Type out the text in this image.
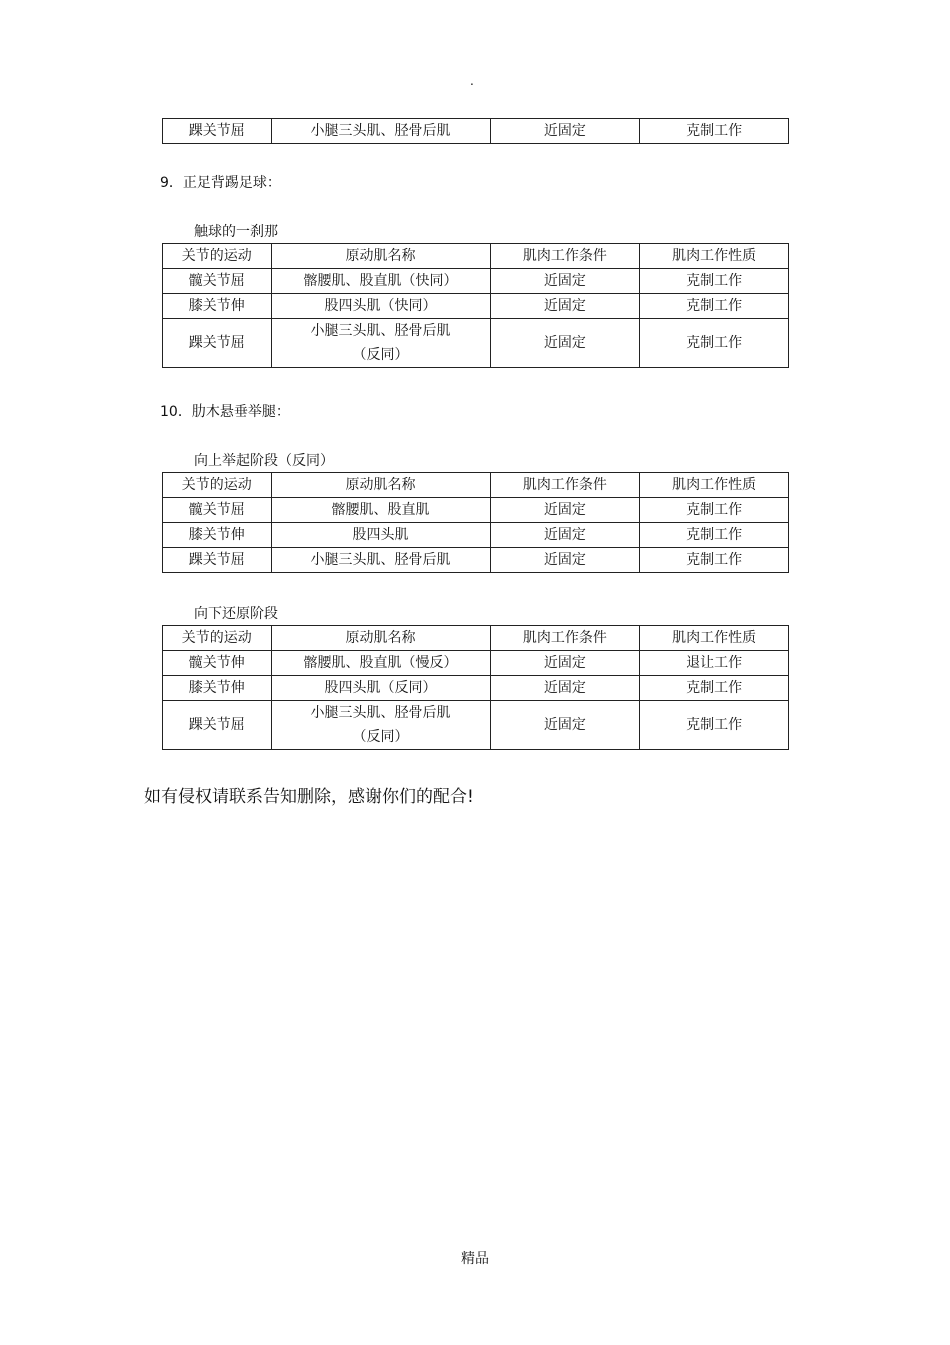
.
踝关节屈	小腿三头肌、胫骨后肌	近固定	克制工作
9．正足背踢足球：
触球的一刹那
关节的运动	原动肌名称	肌肉工作条件	肌肉工作性质
髋关节屈	髂腰肌、股直肌（快同）	近固定	克制工作
膝关节伸	股四头肌（快同）	近固定	克制工作
踝关节屈	小腿三头肌、胫骨后肌（反同）	近固定	克制工作
10．肋木悬垂举腿：
向上举起阶段（反同）
关节的运动	原动肌名称	肌肉工作条件	肌肉工作性质
髋关节屈	髂腰肌、股直肌	近固定	克制工作
膝关节伸	股四头肌	近固定	克制工作
踝关节屈	小腿三头肌、胫骨后肌	近固定	克制工作
向下还原阶段
关节的运动	原动肌名称	肌肉工作条件	肌肉工作性质
髋关节伸	髂腰肌、股直肌（慢反）	近固定	退让工作
膝关节伸	股四头肌（反同）	近固定	克制工作
踝关节屈	小腿三头肌、胫骨后肌（反同）	近固定	克制工作
如有侵权请联系告知删除，感谢你们的配合!
精品
